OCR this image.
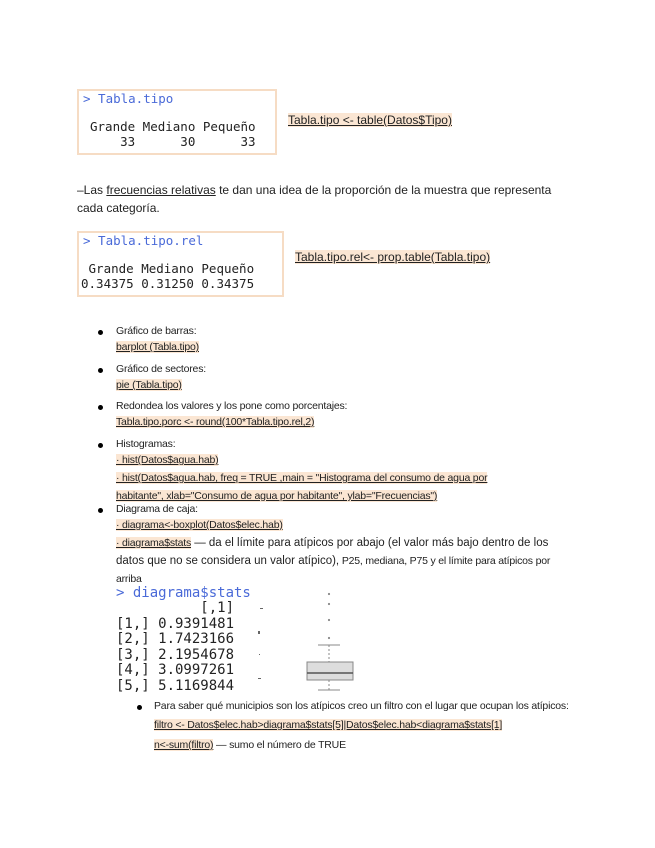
> Tabla.tipo
Grande Mediano Pequeño
33      30      33
Tabla.tipo <- table(Datos$Tipo)
–Las frecuencias relativas te dan una idea de la proporción de la muestra que representa cada categoría.
> Tabla.tipo.rel
Grande Mediano Pequeño
0.34375 0.31250 0.34375
Tabla.tipo.rel<- prop.table(Tabla.tipo)
Gráfico de barras:
barplot (Tabla.tipo)
Gráfico de sectores:
pie (Tabla.tipo)
Redondea los valores y los pone como porcentajes:
Tabla.tipo.porc <- round(100*Tabla.tipo.rel,2)
Histogramas:
· hist(Datos$agua.hab)
· hist(Datos$agua.hab, freq = TRUE ,main = "Histograma del consumo de agua por
habitante", xlab="Consumo de agua por habitante", ylab="Frecuencias")
Diagrama de caja:
· diagrama<-boxplot(Datos$elec.hab)
· diagrama$stats — da el límite para atípicos por abajo (el valor más bajo dentro de los datos que no se considera un valor atípico), P25, mediana, P75 y el límite para atípicos por arriba
> diagrama$stats
[,1]
[1,] 0.9391481
[2,] 1.7423166
[3,] 2.1954678
[4,] 3.0997261
[5,] 5.1169844
Para saber qué municipios son los atípicos creo un filtro con el lugar que ocupan los atípicos:
filtro <- Datos$elec.hab>diagrama$stats[5]|Datos$elec.hab<diagrama$stats[1]
n<-sum(filtro) — sumo el número de TRUE
